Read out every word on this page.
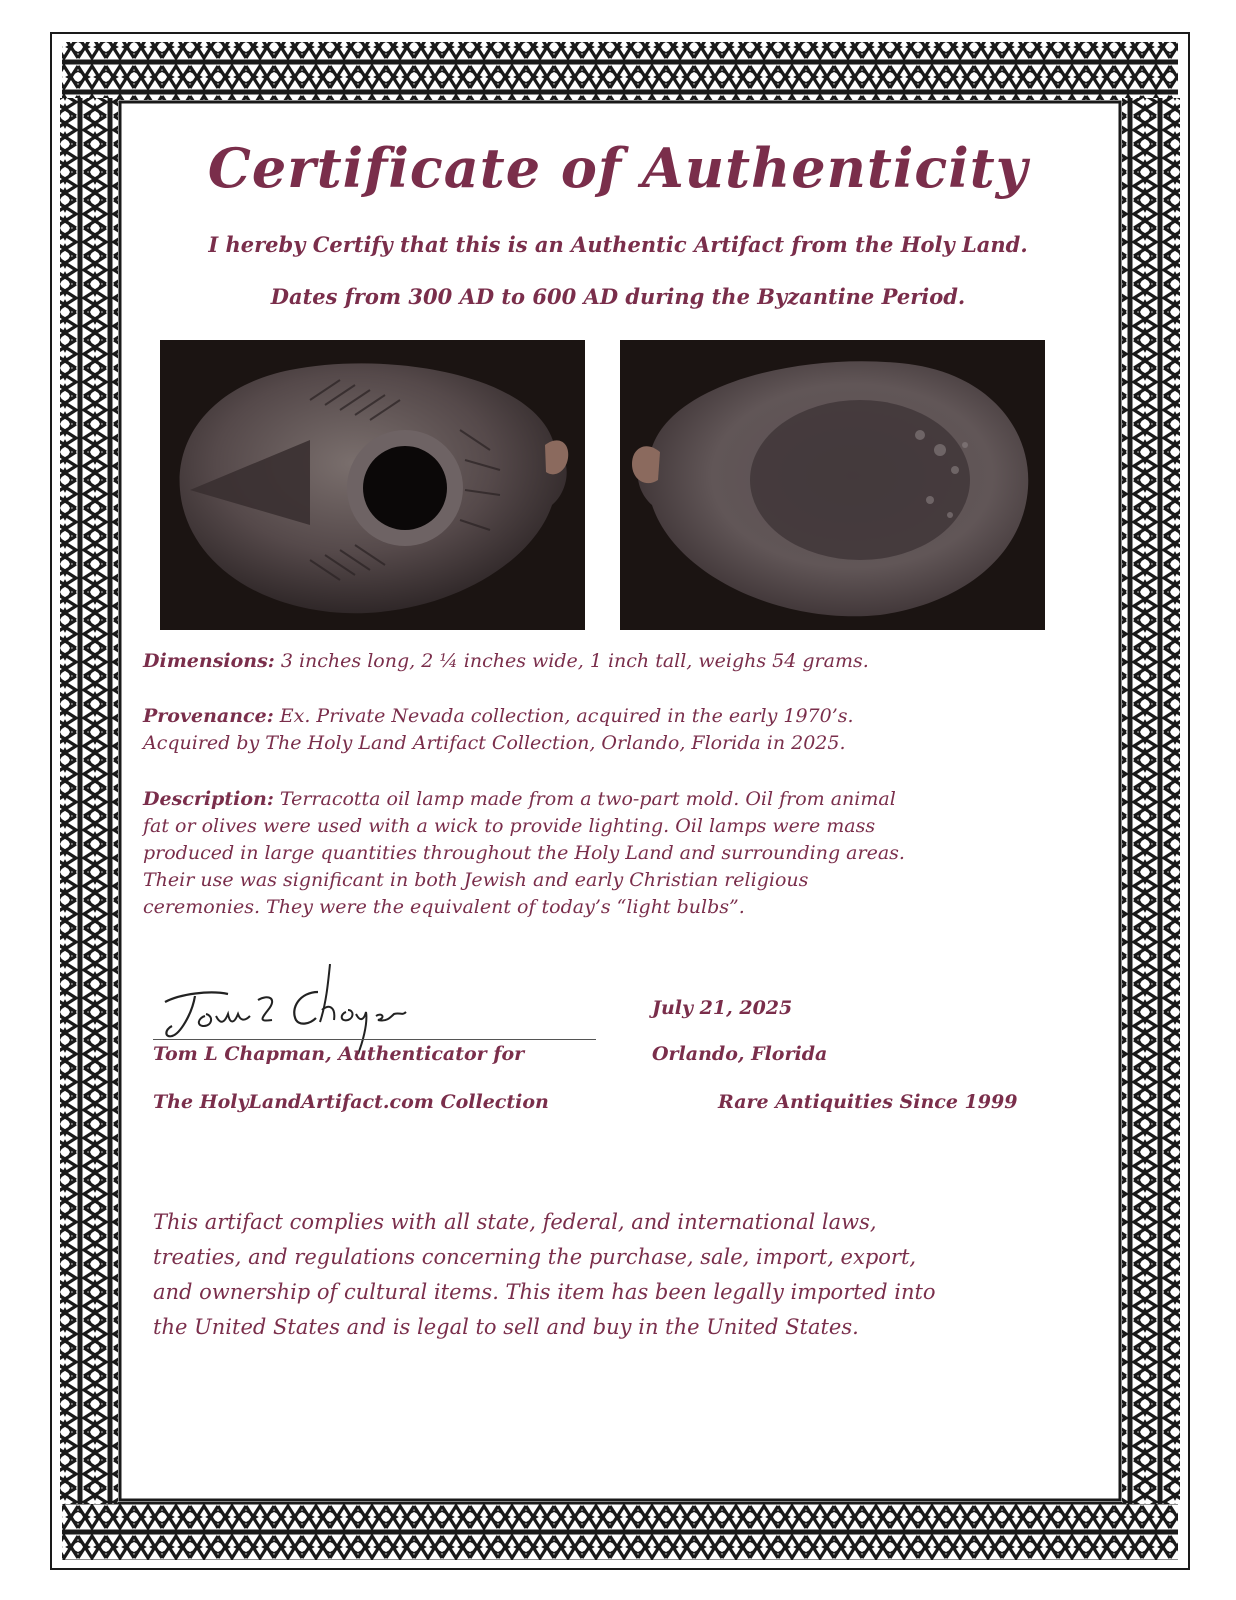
Certificate of Authenticity
I hereby Certify that this is an Authentic Artifact from the Holy Land.
Dates from 300 AD to 600 AD during the Byzantine Period.
Dimensions: 3 inches long, 2 ¼ inches wide, 1 inch tall, weighs 54 grams.
Provenance: Ex. Private Nevada collection, acquired in the early 1970’s.
Acquired by The Holy Land Artifact Collection, Orlando, Florida in 2025.
Description: Terracotta oil lamp made from a two-part mold. Oil from animal
fat or olives were used with a wick to provide lighting. Oil lamps were mass
produced in large quantities throughout the Holy Land and surrounding areas.
Their use was significant in both Jewish and early Christian religious
ceremonies. They were the equivalent of today’s “light bulbs”.
Tom L Chapman, Authenticator for
The HolyLandArtifact.com Collection
July 21, 2025
Orlando, Florida
Rare Antiquities Since 1999
This artifact complies with all state, federal, and international laws,
treaties, and regulations concerning the purchase, sale, import, export,
and ownership of cultural items. This item has been legally imported into
the United States and is legal to sell and buy in the United States.
